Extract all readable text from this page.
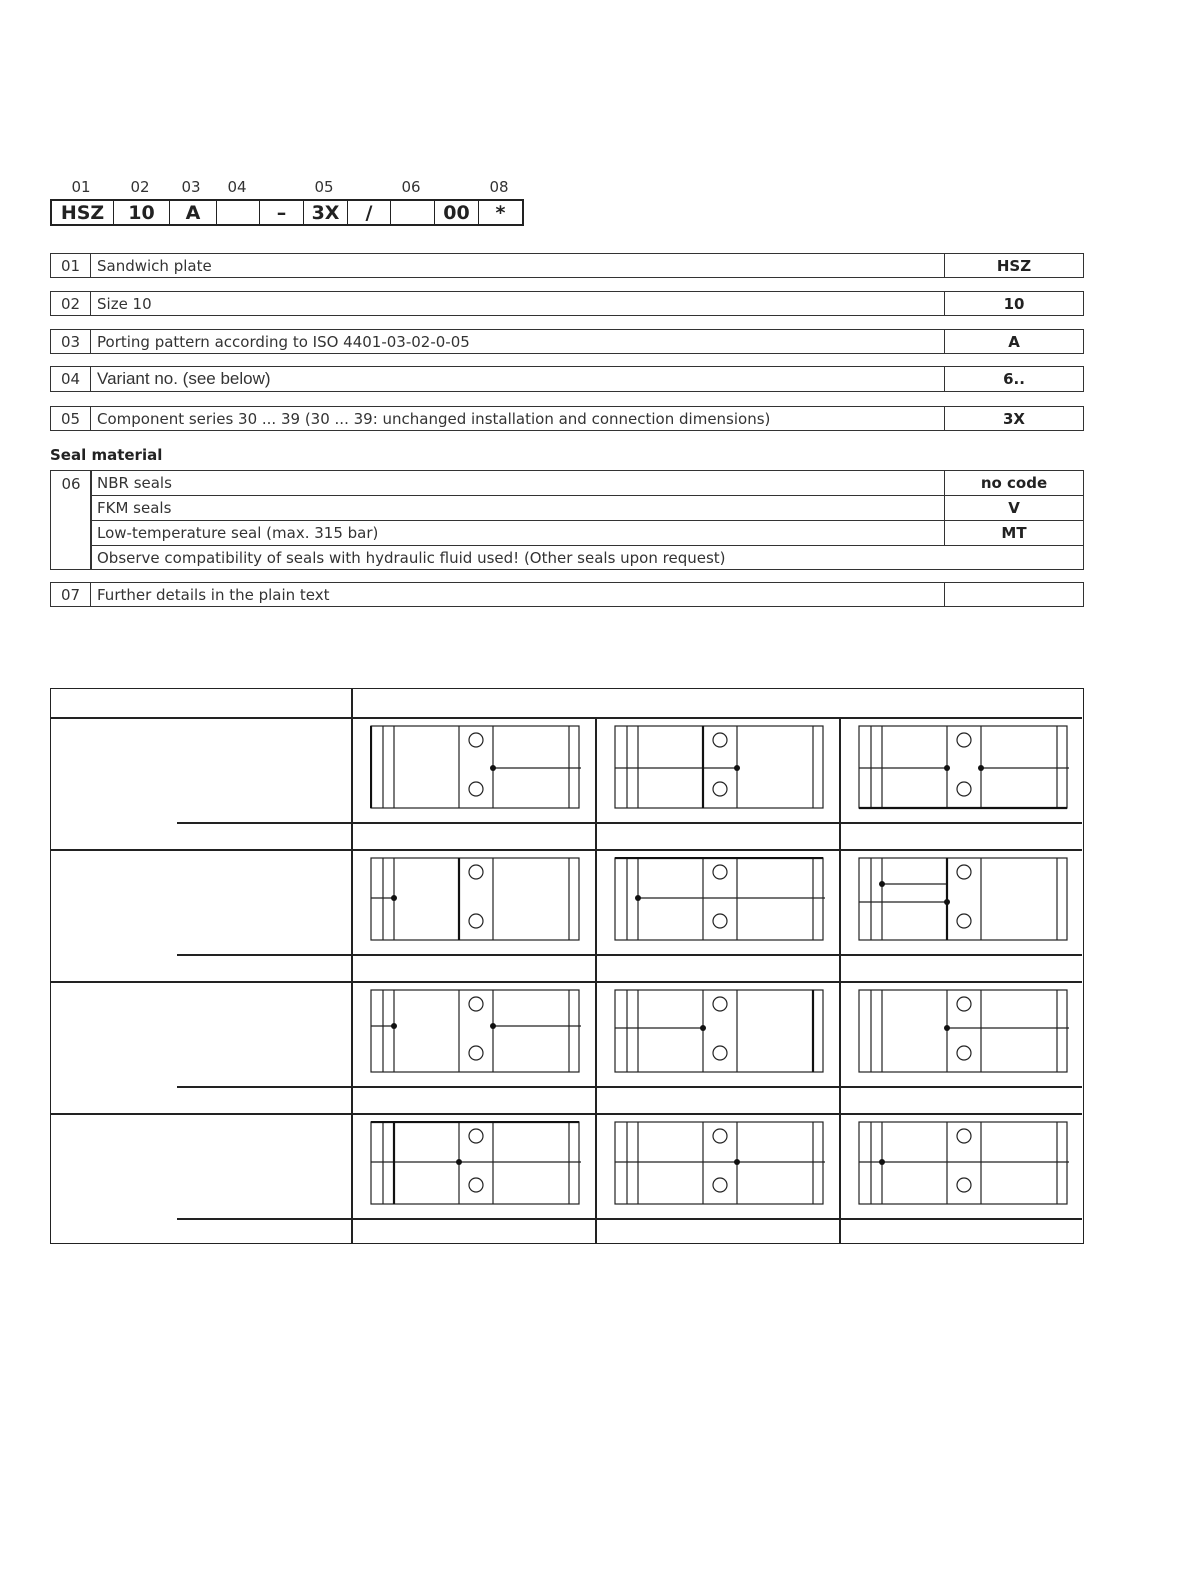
01	02 03 04	05	06	08
HSZ	10	A	–	3X	/	00	*
01	Sandwich plate	HSZ
02	Size 10	10
03	Porting pattern according to ISO 4401-03-02-0-05	A
04 Variant no. (see below)	6..
05	Component series 30 ... 39 (30 ... 39: unchanged installation and connection dimensions)	3X
Seal material
06	NBR seals	no code
FKM seals	V
Low-temperature seal (max. 315 bar)	MT
Observe compatibility of seals with hydraulic fluid used! (Other seals upon request)
07	Further details in the plain text
